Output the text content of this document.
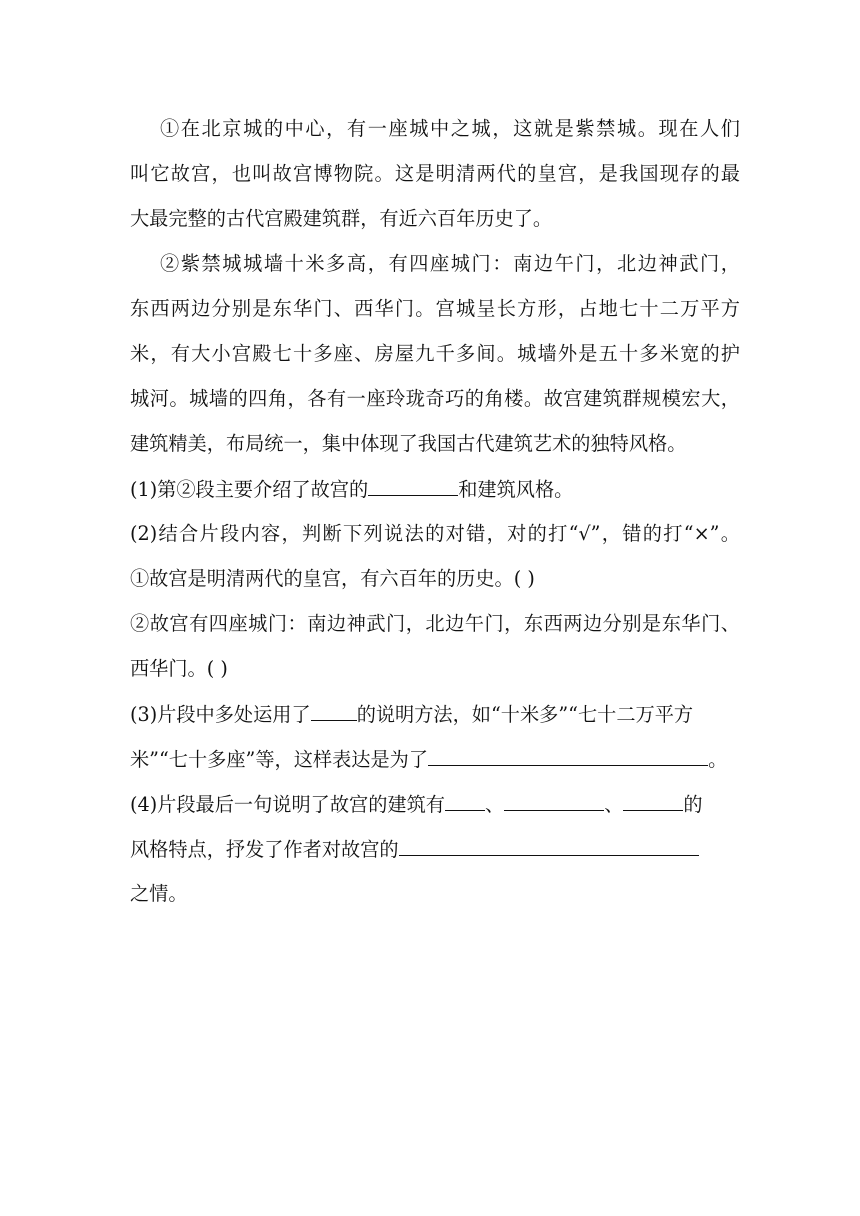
①在北京城的中心，有一座城中之城，这就是紫禁城。现在人们
叫它故宫，也叫故宫博物院。这是明清两代的皇宫，是我国现存的最
大最完整的古代宫殿建筑群，有近六百年历史了。
②紫禁城城墙十米多高，有四座城门：南边午门，北边神武门，
东西两边分别是东华门、西华门。宫城呈长方形，占地七十二万平方
米，有大小宫殿七十多座、房屋九千多间。城墙外是五十多米宽的护
城河。城墙的四角，各有一座玲珑奇巧的角楼。故宫建筑群规模宏大，
建筑精美，布局统一，集中体现了我国古代建筑艺术的独特风格。
(1)第②段主要介绍了故宫的	和建筑风格。
(2)结合片段内容，判断下列说法的对错，对的打“√”，错的打“×”。
①故宫是明清两代的皇宫，有六百年的历史。( )
②故宫有四座城门：南边神武门，北边午门，东西两边分别是东华门、
西华门。( )
(3)片段中多处运用了 的说明方法，如“十米多”“七十二万平方
米”“七十多座”等，这样表达是为了	。
(4)片段最后一句说明了故宫的建筑有 、	、	的
风格特点，抒发了作者对故宫的
之情。
